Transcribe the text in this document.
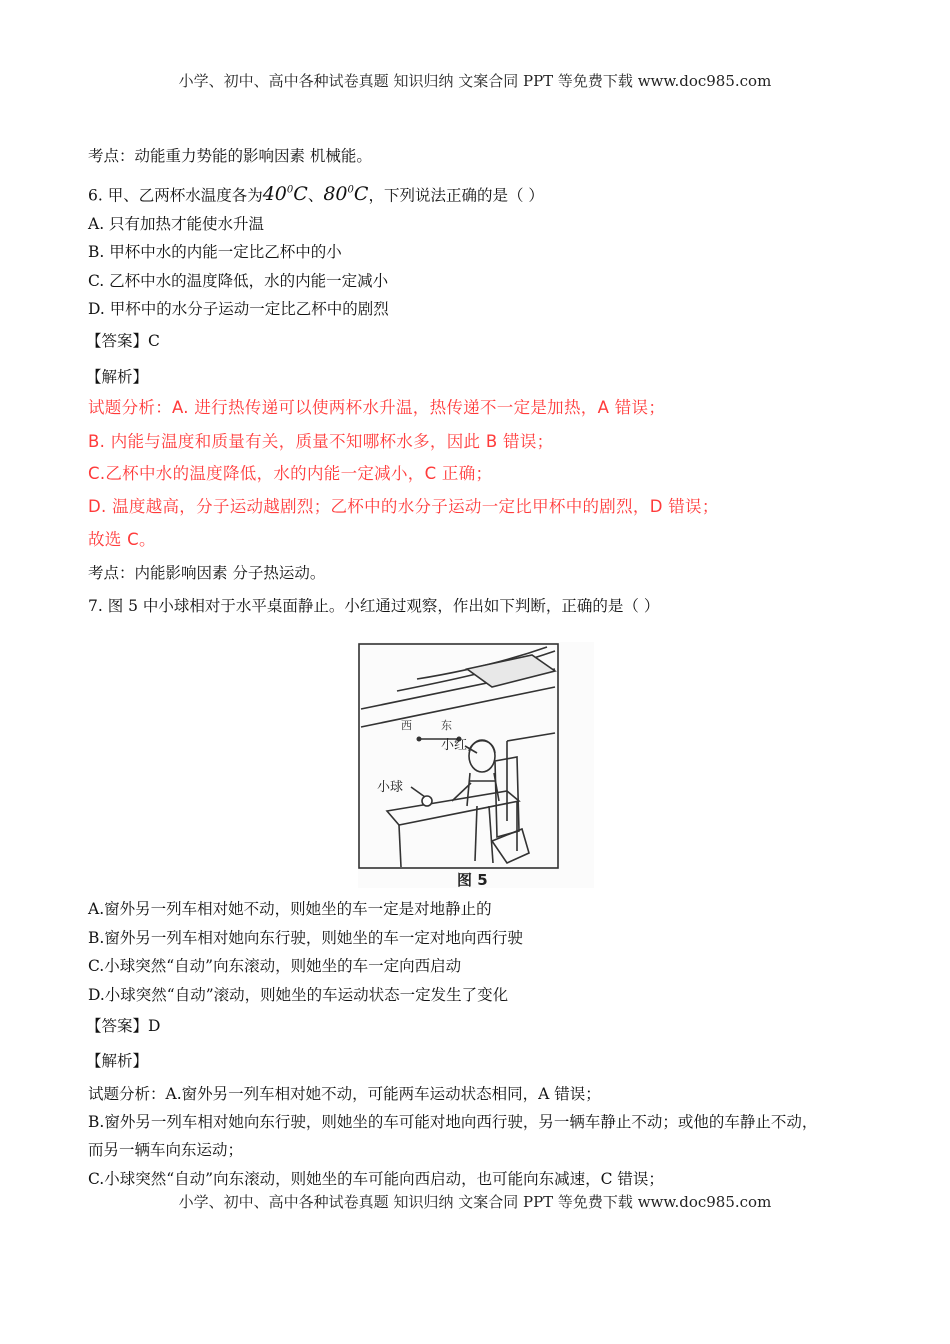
小学、初中、高中各种试卷真题 知识归纳 文案合同 PPT 等免费下载 www.doc985.com
考点：动能重力势能的影响因素 机械能。
6. 甲、乙两杯水温度各为$40^0C$、$80^0C$，下列说法正确的是（ ）
A. 只有加热才能使水升温
B. 甲杯中水的内能一定比乙杯中的小
C. 乙杯中水的温度降低，水的内能一定减小
D. 甲杯中的水分子运动一定比乙杯中的剧烈
【答案】C
【解析】
试题分析：A. 进行热传递可以使两杯水升温，热传递不一定是加热，A 错误；
B. 内能与温度和质量有关，质量不知哪杯水多，因此 B 错误；
C.乙杯中水的温度降低，水的内能一定减小，C 正确；
D. 温度越高，分子运动越剧烈；乙杯中的水分子运动一定比甲杯中的剧烈，D 错误；
故选 C。
考点：内能影响因素 分子热运动。
7. 图 5 中小球相对于水平桌面静止。小红通过观察，作出如下判断，正确的是（ ）
西	东
小球
小红
图 5
A.窗外另一列车相对她不动，则她坐的车一定是对地静止的
B.窗外另一列车相对她向东行驶，则她坐的车一定对地向西行驶
C.小球突然“自动”向东滚动，则她坐的车一定向西启动
D.小球突然“自动”滚动，则她坐的车运动状态一定发生了变化
【答案】D
【解析】
试题分析：A.窗外另一列车相对她不动，可能两车运动状态相同，A 错误；
B.窗外另一列车相对她向东行驶，则她坐的车可能对地向西行驶，另一辆车静止不动；或他的车静止不动，
而另一辆车向东运动；
C.小球突然“自动”向东滚动，则她坐的车可能向西启动，也可能向东减速，C 错误；
小学、初中、高中各种试卷真题 知识归纳 文案合同 PPT 等免费下载 www.doc985.com
